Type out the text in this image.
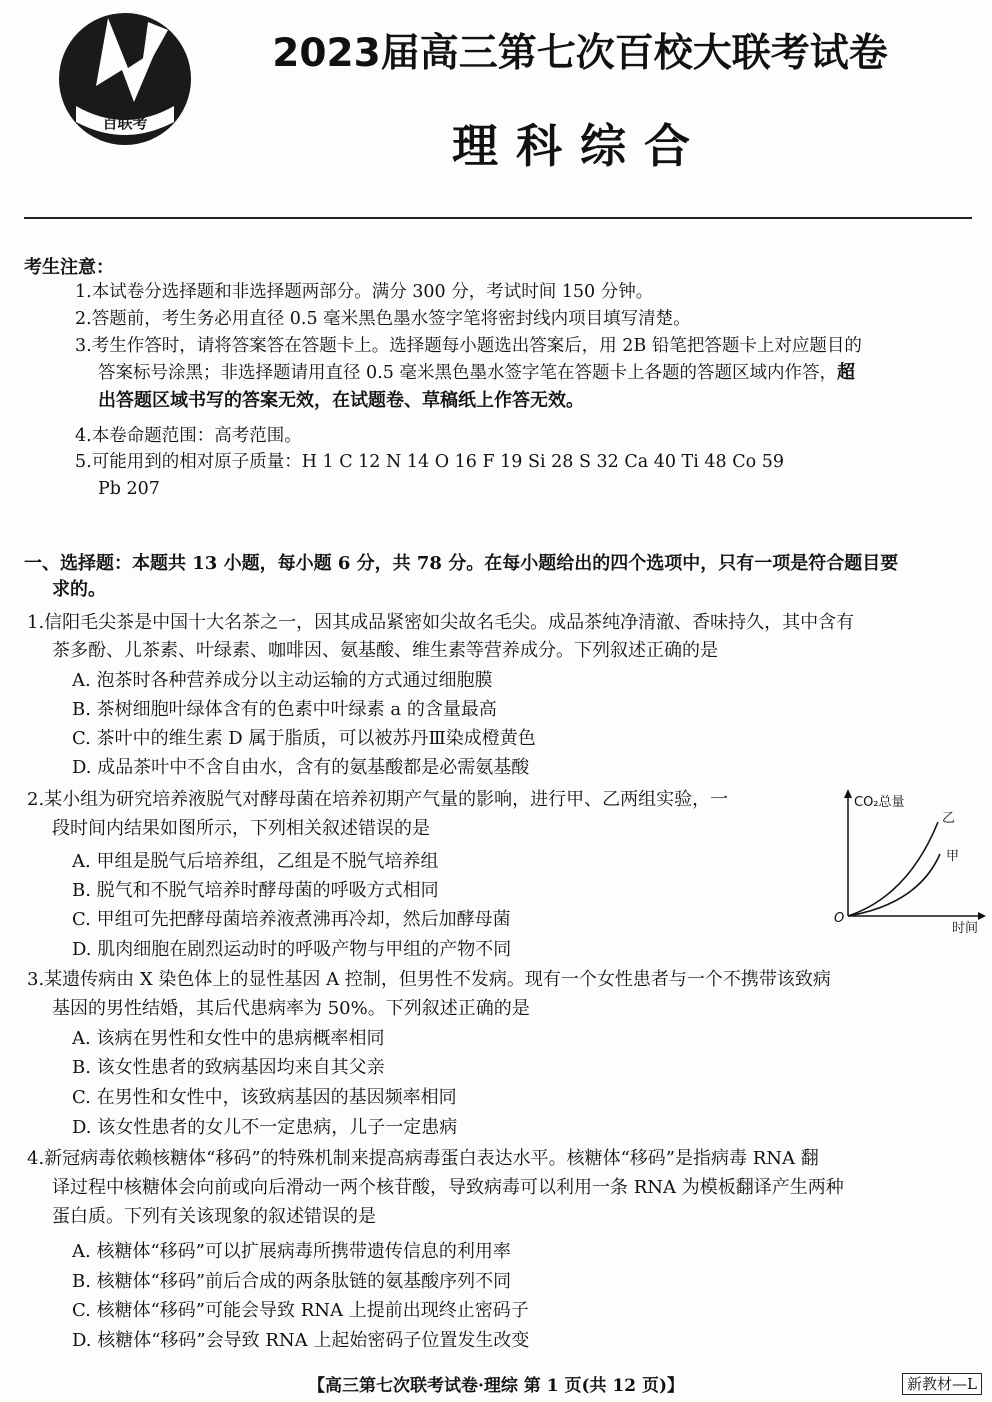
百联考
2023届高三第七次百校大联考试卷
理科综合
考生注意：
1.本试卷分选择题和非选择题两部分。满分 300 分，考试时间 150 分钟。
2.答题前，考生务必用直径 0.5 毫米黑色墨水签字笔将密封线内项目填写清楚。
3.考生作答时，请将答案答在答题卡上。选择题每小题选出答案后，用 2B 铅笔把答题卡上对应题目的
答案标号涂黑；非选择题请用直径 0.5 毫米黑色墨水签字笔在答题卡上各题的答题区域内作答，超
出答题区域书写的答案无效，在试题卷、草稿纸上作答无效。
4.本卷命题范围：高考范围。
5.可能用到的相对原子质量：H 1 C 12 N 14 O 16 F 19 Si 28 S 32 Ca 40 Ti 48 Co 59
Pb 207
一、选择题：本题共 13 小题，每小题 6 分，共 78 分。在每小题给出的四个选项中，只有一项是符合题目要
求的。
1.信阳毛尖茶是中国十大名茶之一，因其成品紧密如尖故名毛尖。成品茶纯净清澈、香味持久，其中含有
茶多酚、儿茶素、叶绿素、咖啡因、氨基酸、维生素等营养成分。下列叙述正确的是
A. 泡茶时各种营养成分以主动运输的方式通过细胞膜
B. 茶树细胞叶绿体含有的色素中叶绿素 a 的含量最高
C. 茶叶中的维生素 D 属于脂质，可以被苏丹Ⅲ染成橙黄色
D. 成品茶叶中不含自由水，含有的氨基酸都是必需氨基酸
2.某小组为研究培养液脱气对酵母菌在培养初期产气量的影响，进行甲、乙两组实验，一
段时间内结果如图所示，下列相关叙述错误的是
A. 甲组是脱气后培养组，乙组是不脱气培养组
B. 脱气和不脱气培养时酵母菌的呼吸方式相同
C. 甲组可先把酵母菌培养液煮沸再冷却，然后加酵母菌
D. 肌肉细胞在剧烈运动时的呼吸产物与甲组的产物不同
CO₂总量
时间
O
乙
甲
3.某遗传病由 X 染色体上的显性基因 A 控制，但男性不发病。现有一个女性患者与一个不携带该致病
基因的男性结婚，其后代患病率为 50%。下列叙述正确的是
A. 该病在男性和女性中的患病概率相同
B. 该女性患者的致病基因均来自其父亲
C. 在男性和女性中，该致病基因的基因频率相同
D. 该女性患者的女儿不一定患病，儿子一定患病
4.新冠病毒依赖核糖体“移码”的特殊机制来提高病毒蛋白表达水平。核糖体“移码”是指病毒 RNA 翻
译过程中核糖体会向前或向后滑动一两个核苷酸，导致病毒可以利用一条 RNA 为模板翻译产生两种
蛋白质。下列有关该现象的叙述错误的是
A. 核糖体“移码”可以扩展病毒所携带遗传信息的利用率
B. 核糖体“移码”前后合成的两条肽链的氨基酸序列不同
C. 核糖体“移码”可能会导致 RNA 上提前出现终止密码子
D. 核糖体“移码”会导致 RNA 上起始密码子位置发生改变
【高三第七次联考试卷·理综 第 1 页(共 12 页)】	新教材—L
